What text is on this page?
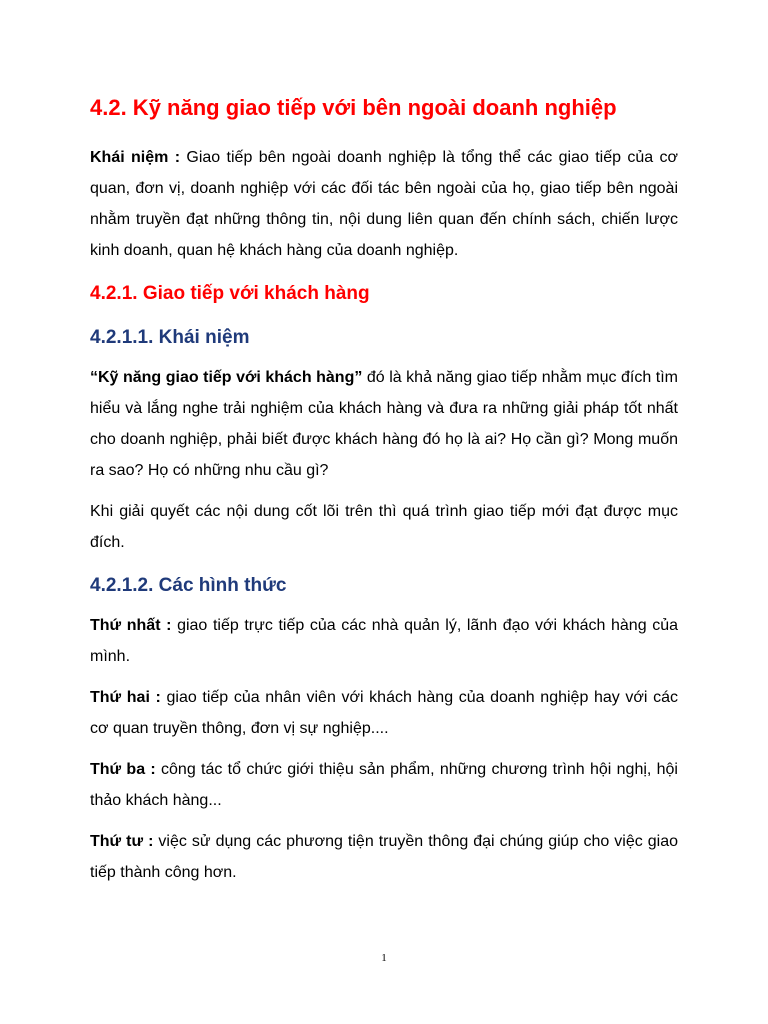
4.2. Kỹ năng giao tiếp với bên ngoài doanh nghiệp

Khái niệm : Giao tiếp bên ngoài doanh nghiệp là tổng thể các giao tiếp của cơ quan, đơn vị, doanh nghiệp với các đối tác bên ngoài của họ, giao tiếp bên ngoài nhằm truyền đạt những thông tin, nội dung liên quan đến chính sách, chiến lược kinh doanh, quan hệ khách hàng của doanh nghiệp.

4.2.1. Giao tiếp với khách hàng
4.2.1.1. Khái niệm

“Kỹ năng giao tiếp với khách hàng” đó là khả năng giao tiếp nhằm mục đích tìm hiểu và lắng nghe trải nghiệm của khách hàng và đưa ra những giải pháp tốt nhất cho doanh nghiệp, phải biết được khách hàng đó họ là ai? Họ cần gì? Mong muốn ra sao? Họ có những nhu cầu gì?

Khi giải quyết các nội dung cốt lõi trên thì quá trình giao tiếp mới đạt được mục đích.

4.2.1.2. Các hình thức

Thứ nhất : giao tiếp trực tiếp của các nhà quản lý, lãnh đạo với khách hàng của mình.

Thứ hai : giao tiếp của nhân viên với khách hàng của doanh nghiệp hay với các cơ quan truyền thông, đơn vị sự nghiệp....

Thứ ba : công tác tổ chức giới thiệu sản phẩm, những chương trình hội nghị, hội thảo khách hàng...

Thứ tư : việc sử dụng các phương tiện truyền thông đại chúng giúp cho việc giao tiếp thành công hơn.

1
